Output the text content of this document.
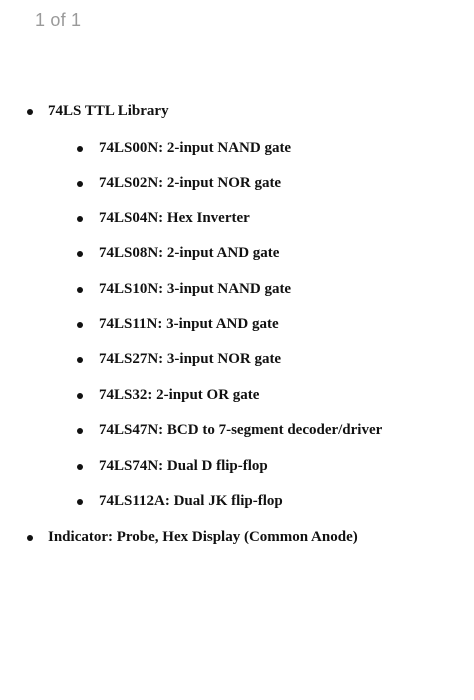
1 of 1
74LS TTL Library
74LS00N: 2-input NAND gate
74LS02N: 2-input NOR gate
74LS04N: Hex Inverter
74LS08N: 2-input AND gate
74LS10N: 3-input NAND gate
74LS11N: 3-input AND gate
74LS27N: 3-input NOR gate
74LS32: 2-input OR gate
74LS47N: BCD to 7-segment decoder/driver
74LS74N: Dual D flip-flop
74LS112A: Dual JK flip-flop
Indicator: Probe, Hex Display (Common Anode)
